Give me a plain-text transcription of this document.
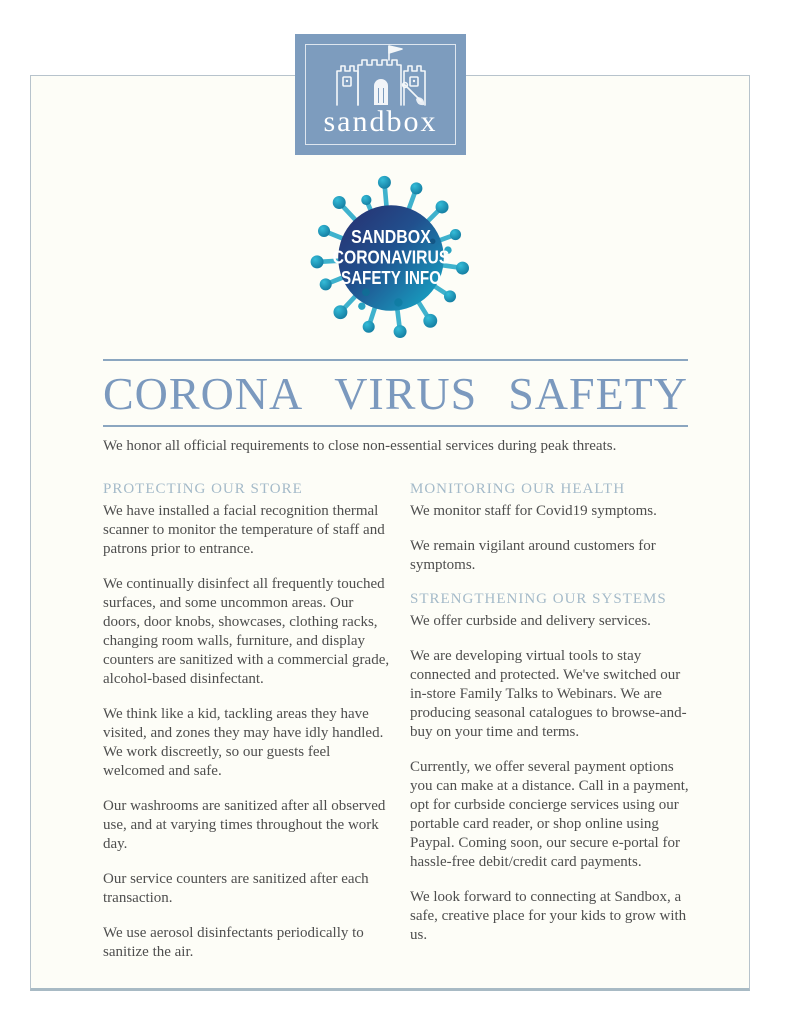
sandbox
SANDBOX
CORONAVIRUS
SAFETY INFO
CORONA VIRUS SAFETY

We honor all official requirements to close non-essential services during peak threats.

PROTECTING OUR STORE

We have installed a facial recognition thermal scanner to monitor the temperature of staff and patrons prior to entrance.

We continually disinfect all frequently touched surfaces, and some uncommon areas. Our doors, door knobs, showcases, clothing racks, changing room walls, furniture, and display counters are sanitized with a commercial grade, alcohol-based disinfectant.

We think like a kid, tackling areas they have visited, and zones they may have idly handled. We work discreetly, so our guests feel welcomed and safe.

Our washrooms are sanitized after all observed use, and at varying times throughout the work day.

Our service counters are sanitized after each transaction.

We use aerosol disinfectants periodically to sanitize the air.

MONITORING OUR HEALTH

We monitor staff for Covid19 symptoms.

We remain vigilant around customers for symptoms.

STRENGTHENING OUR SYSTEMS

We offer curbside and delivery services.

We are developing virtual tools to stay connected and protected. We've switched our in-store Family Talks to Webinars. We are producing seasonal catalogues to browse-and-buy on your time and terms.

Currently, we offer several payment options you can make at a distance. Call in a payment, opt for curbside concierge services using our portable card reader, or shop online using Paypal. Coming soon, our secure e-portal for hassle-free debit/credit card payments.

We look forward to connecting at Sandbox, a safe, creative place for your kids to grow with us.
